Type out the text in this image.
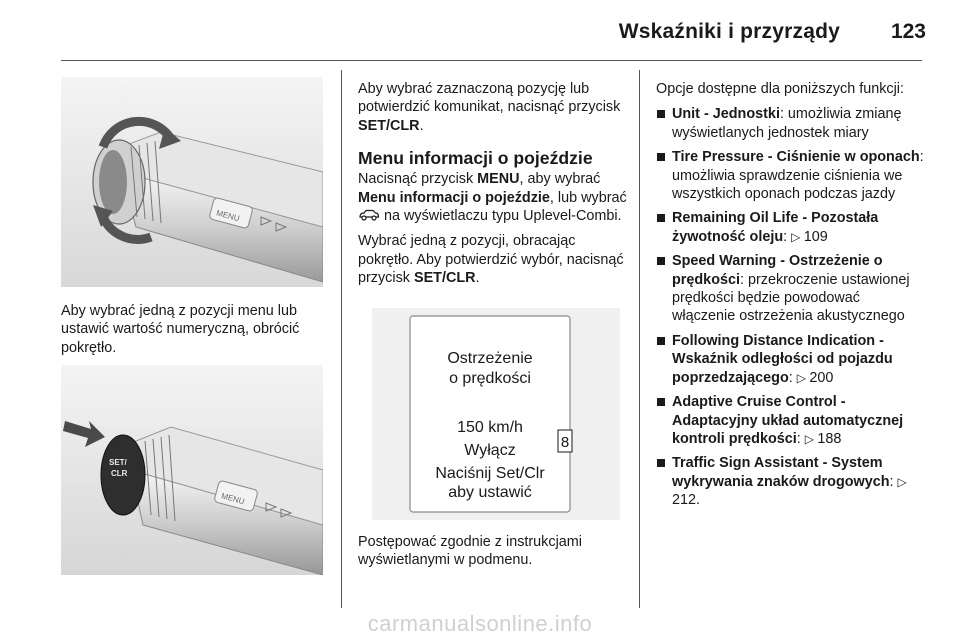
Wskaźniki i przyrządy	123
MENU

Aby wybrać jedną z pozycji menu lub ustawić wartość numeryczną, obrócić pokrętło.

SET/
CLR
MENU

Aby wybrać zaznaczoną pozycję lub potwierdzić komunikat, nacisnąć przycisk SET/CLR.

Menu informacji o pojeździe

Nacisnąć przycisk MENU, aby wybrać Menu informacji o pojeździe, lub wybrać  na wyświetlaczu typu Uplevel-Combi.

Wybrać jedną z pozycji, obracając pokrętło. Aby potwierdzić wybór, nacisnąć przycisk SET/CLR.

Ostrzeżenie
o prędkości
150 km/h
Wyłącz
Naciśnij Set/Clr
aby ustawić
8

Postępować zgodnie z instrukcjami wyświetlanymi w podmenu.

Opcje dostępne dla poniższych funkcji:

Unit - Jednostki: umożliwia zmianę wyświetlanych jednostek miary
Tire Pressure - Ciśnienie w oponach: umożliwia sprawdzenie ciśnienia we wszystkich oponach podczas jazdy
Remaining Oil Life - Pozostała żywotność oleju: ▷ 109
Speed Warning - Ostrzeżenie o prędkości: przekroczenie ustawionej prędkości będzie powodować włączenie ostrzeżenia akustycznego
Following Distance Indication - Wskaźnik odległości od pojazdu poprzedzającego: ▷ 200
Adaptive Cruise Control - Adaptacyjny układ automatycznej kontroli prędkości: ▷ 188
Traffic Sign Assistant - System wykrywania znaków drogowych: ▷ 212.
carmanualsonline.info
